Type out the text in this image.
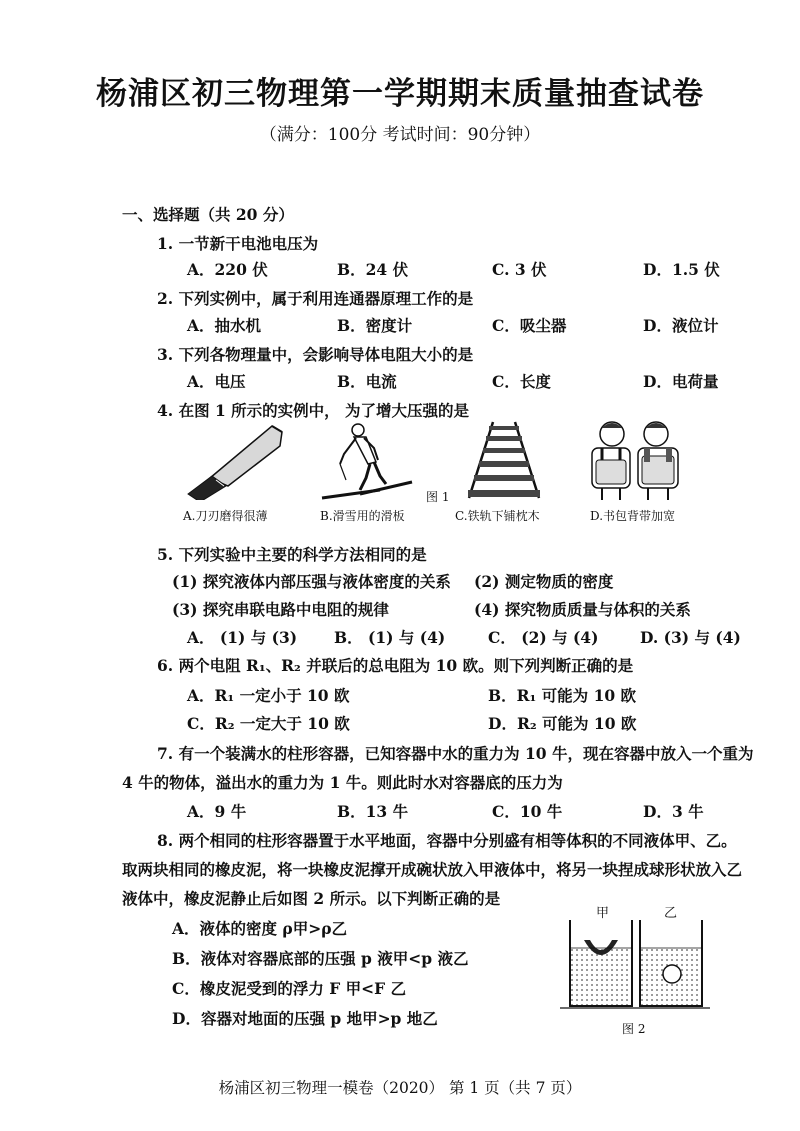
杨浦区初三物理第一学期期末质量抽查试卷
（满分：100分 考试时间：90分钟）
一、选择题（共 20 分）
1. 一节新干电池电压为
A．220 伏	B．24 伏	C. 3 伏	D．1.5 伏
2. 下列实例中，属于利用连通器原理工作的是
A．抽水机	B．密度计	C．吸尘器	D．液位计
3. 下列各物理量中，会影响导体电阻大小的是
A．电压	B．电流	C．长度	D．电荷量
4. 在图 1 所示的实例中， 为了增大压强的是
图 1
A.刀刃磨得很薄	B.滑雪用的滑板	C.铁轨下铺枕木	D.书包背带加宽
5. 下列实验中主要的科学方法相同的是
(1) 探究液体内部压强与液体密度的关系 (2) 测定物质的密度
(3) 探究串联电路中电阻的规律	(4) 探究物质质量与体积的关系
A． (1) 与 (3) B． (1) 与 (4)	C． (2) 与 (4)	D. (3) 与 (4)
6. 两个电阻 R₁、R₂ 并联后的总电阻为 10 欧。则下列判断正确的是
A．R₁ 一定小于 10 欧	B．R₁ 可能为 10 欧
C．R₂ 一定大于 10 欧	D．R₂ 可能为 10 欧
7. 有一个装满水的柱形容器，已知容器中水的重力为 10 牛，现在容器中放入一个重为
4 牛的物体，溢出水的重力为 1 牛。则此时水对容器底的压力为
A．9 牛	B．13 牛	C．10 牛	D．3 牛
8. 两个相同的柱形容器置于水平地面，容器中分别盛有相等体积的不同液体甲、乙。
取两块相同的橡皮泥，将一块橡皮泥撑开成碗状放入甲液体中，将另一块捏成球形状放入乙
液体中，橡皮泥静止后如图 2 所示。以下判断正确的是
A．液体的密度 ρ甲>ρ乙
B．液体对容器底部的压强 p 液甲<p 液乙
C．橡皮泥受到的浮力 F 甲<F 乙
D．容器对地面的压强 p 地甲>p 地乙
甲	乙
图 2
杨浦区初三物理一模卷（2020） 第 1 页（共 7 页）
